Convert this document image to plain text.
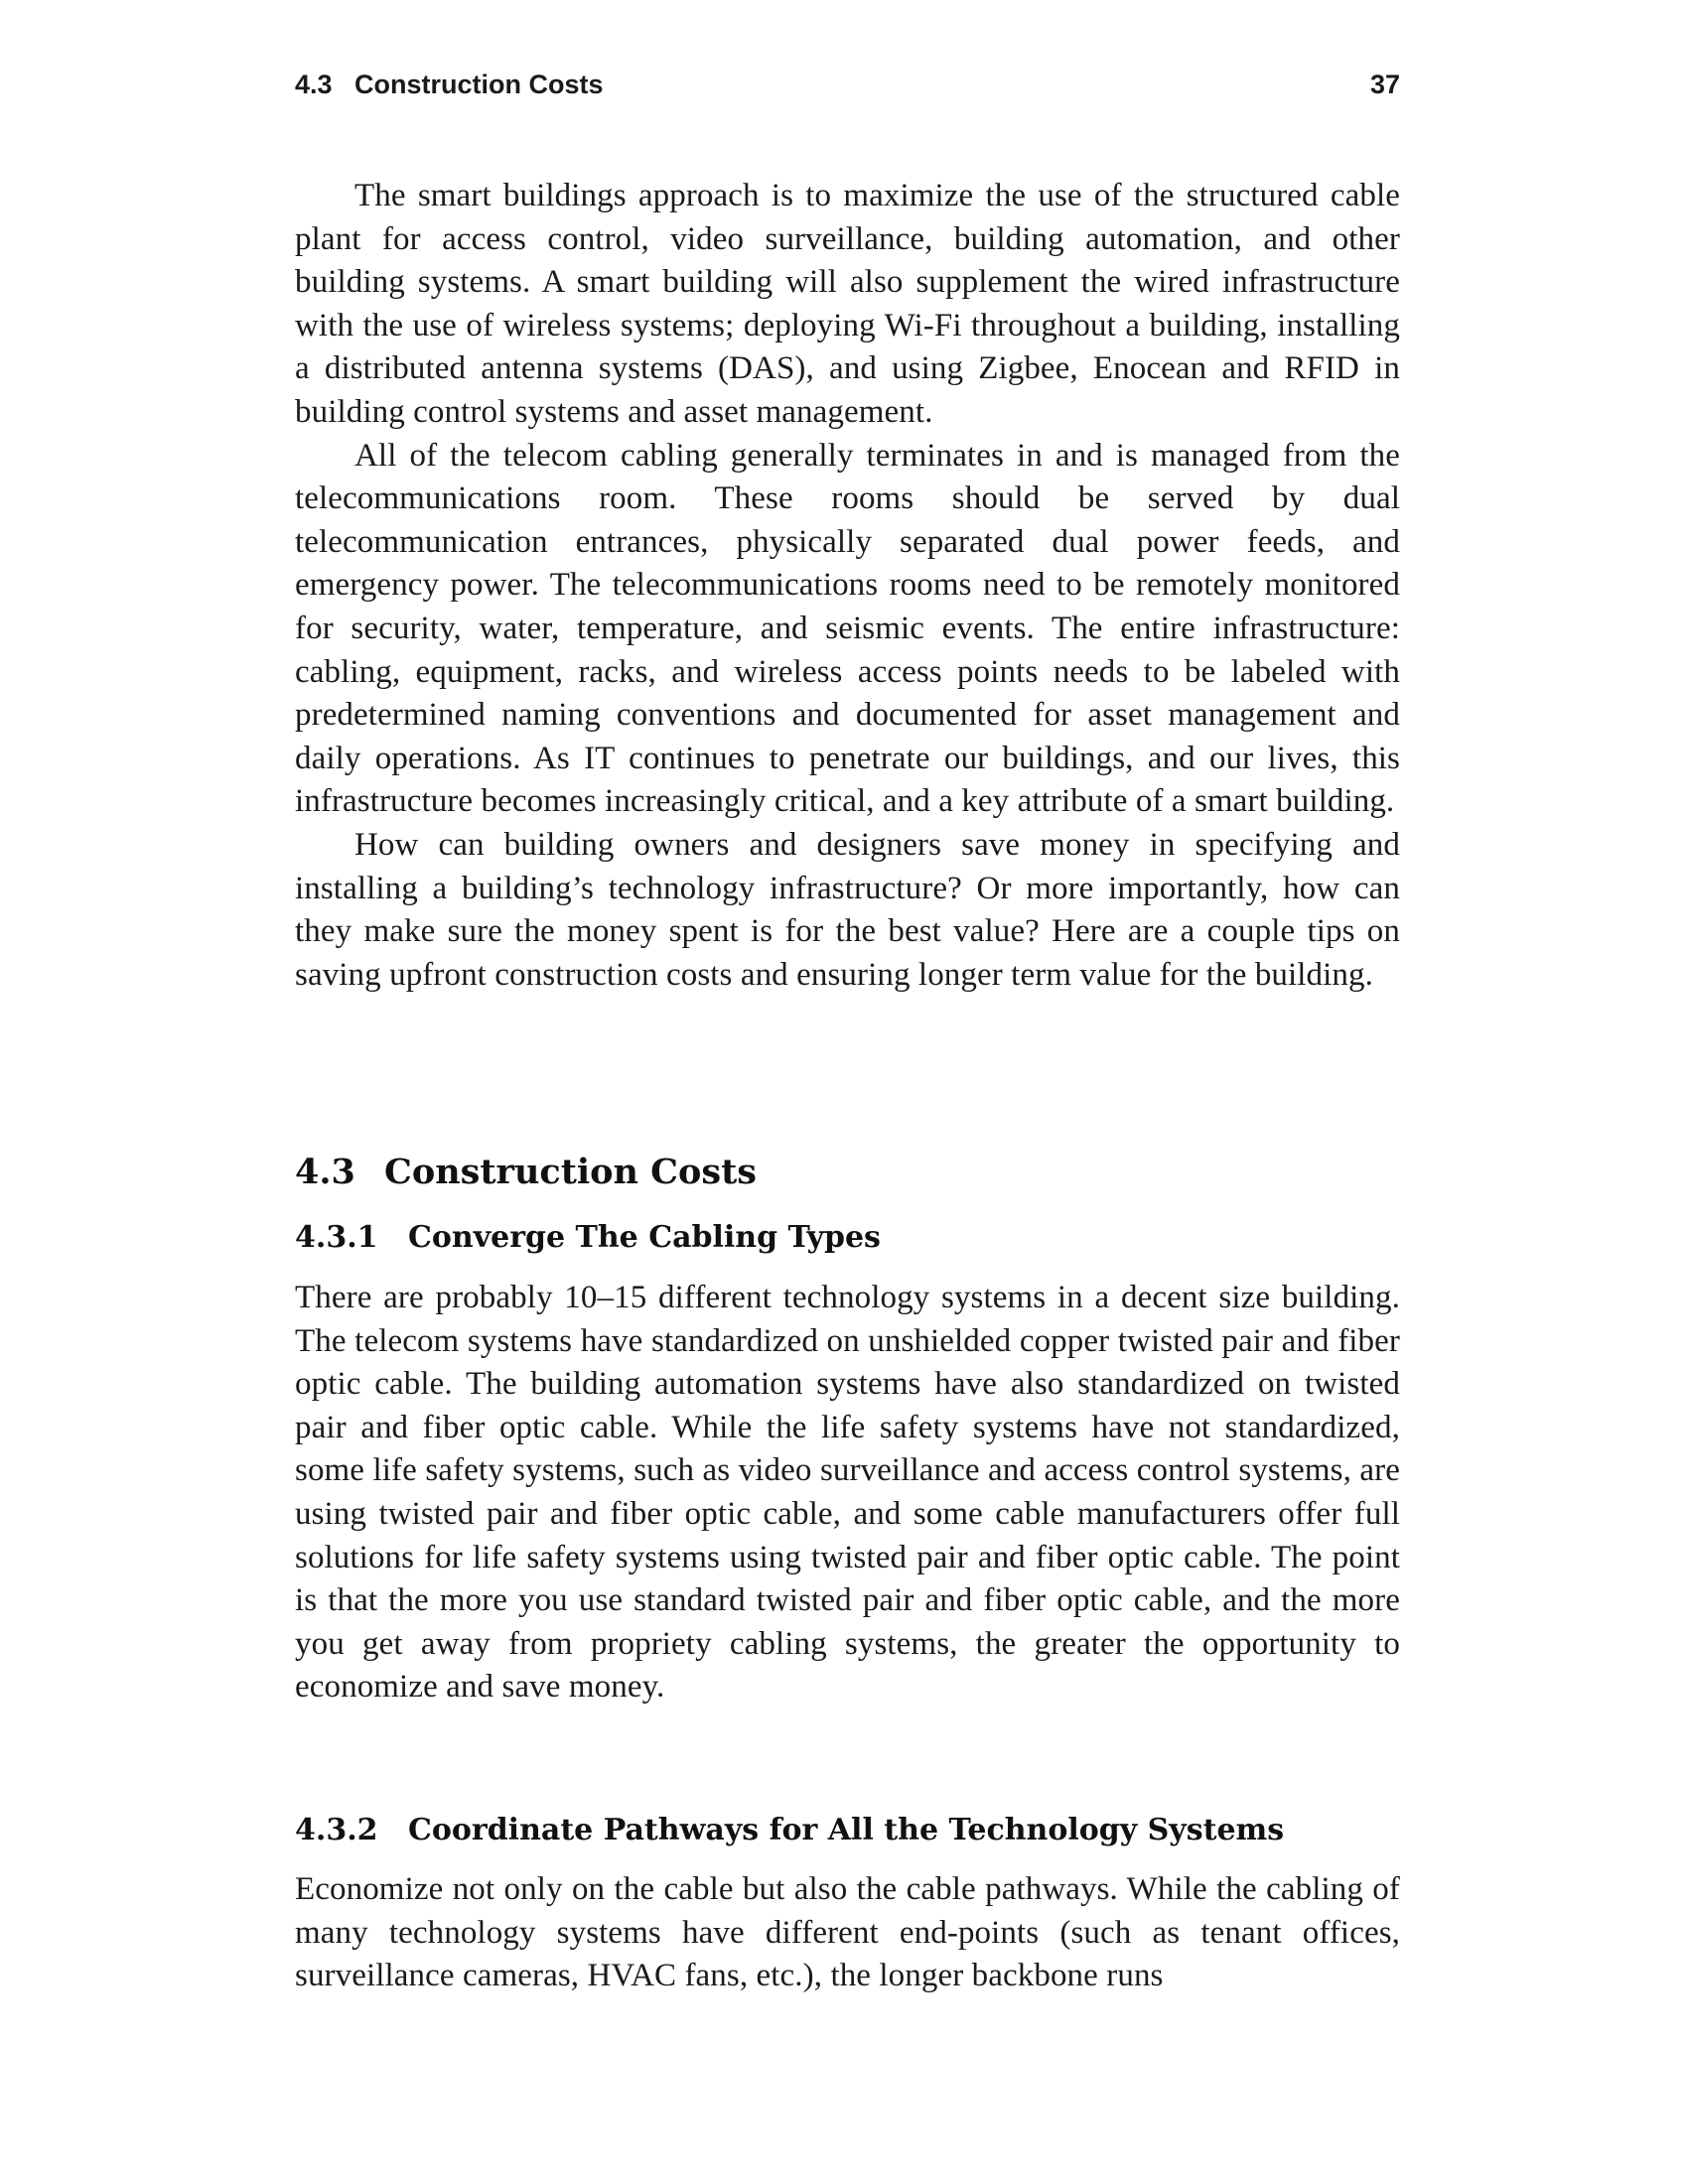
4.3   Construction Costs	37

The smart buildings approach is to maximize the use of the structured cable plant for access control, video surveillance, building automation, and other building systems. A smart building will also supplement the wired infrastructure with the use of wireless systems; deploying Wi-Fi throughout a building, installing a distributed antenna systems (DAS), and using Zigbee, Enocean and RFID in building control systems and asset management.

All of the telecom cabling generally terminates in and is managed from the telecommunications room. These rooms should be served by dual telecommunication entrances, physically separated dual power feeds, and emergency power. The telecommunications rooms need to be remotely monitored for security, water, temperature, and seismic events. The entire infrastructure: cabling, equipment, racks, and wireless access points needs to be labeled with predetermined naming conventions and documented for asset management and daily operations. As IT continues to penetrate our buildings, and our lives, this infrastructure becomes increasingly critical, and a key attribute of a smart building.

How can building owners and designers save money in specifying and installing a building’s technology infrastructure? Or more importantly, how can they make sure the money spent is for the best value? Here are a couple tips on saving upfront construction costs and ensuring longer term value for the building.

4.3 Construction Costs
4.3.1 Converge The Cabling Types

There are probably 10–15 different technology systems in a decent size building. The telecom systems have standardized on unshielded copper twisted pair and fiber optic cable. The building automation systems have also standardized on twisted pair and fiber optic cable. While the life safety systems have not standardized, some life safety systems, such as video surveillance and access control systems, are using twisted pair and fiber optic cable, and some cable manufacturers offer full solutions for life safety systems using twisted pair and fiber optic cable. The point is that the more you use standard twisted pair and fiber optic cable, and the more you get away from propriety cabling systems, the greater the opportunity to economize and save money.

4.3.2 Coordinate Pathways for All the Technology Systems

Economize not only on the cable but also the cable pathways. While the cabling of many technology systems have different end-points (such as tenant offices, surveillance cameras, HVAC fans, etc.), the longer backbone runs
